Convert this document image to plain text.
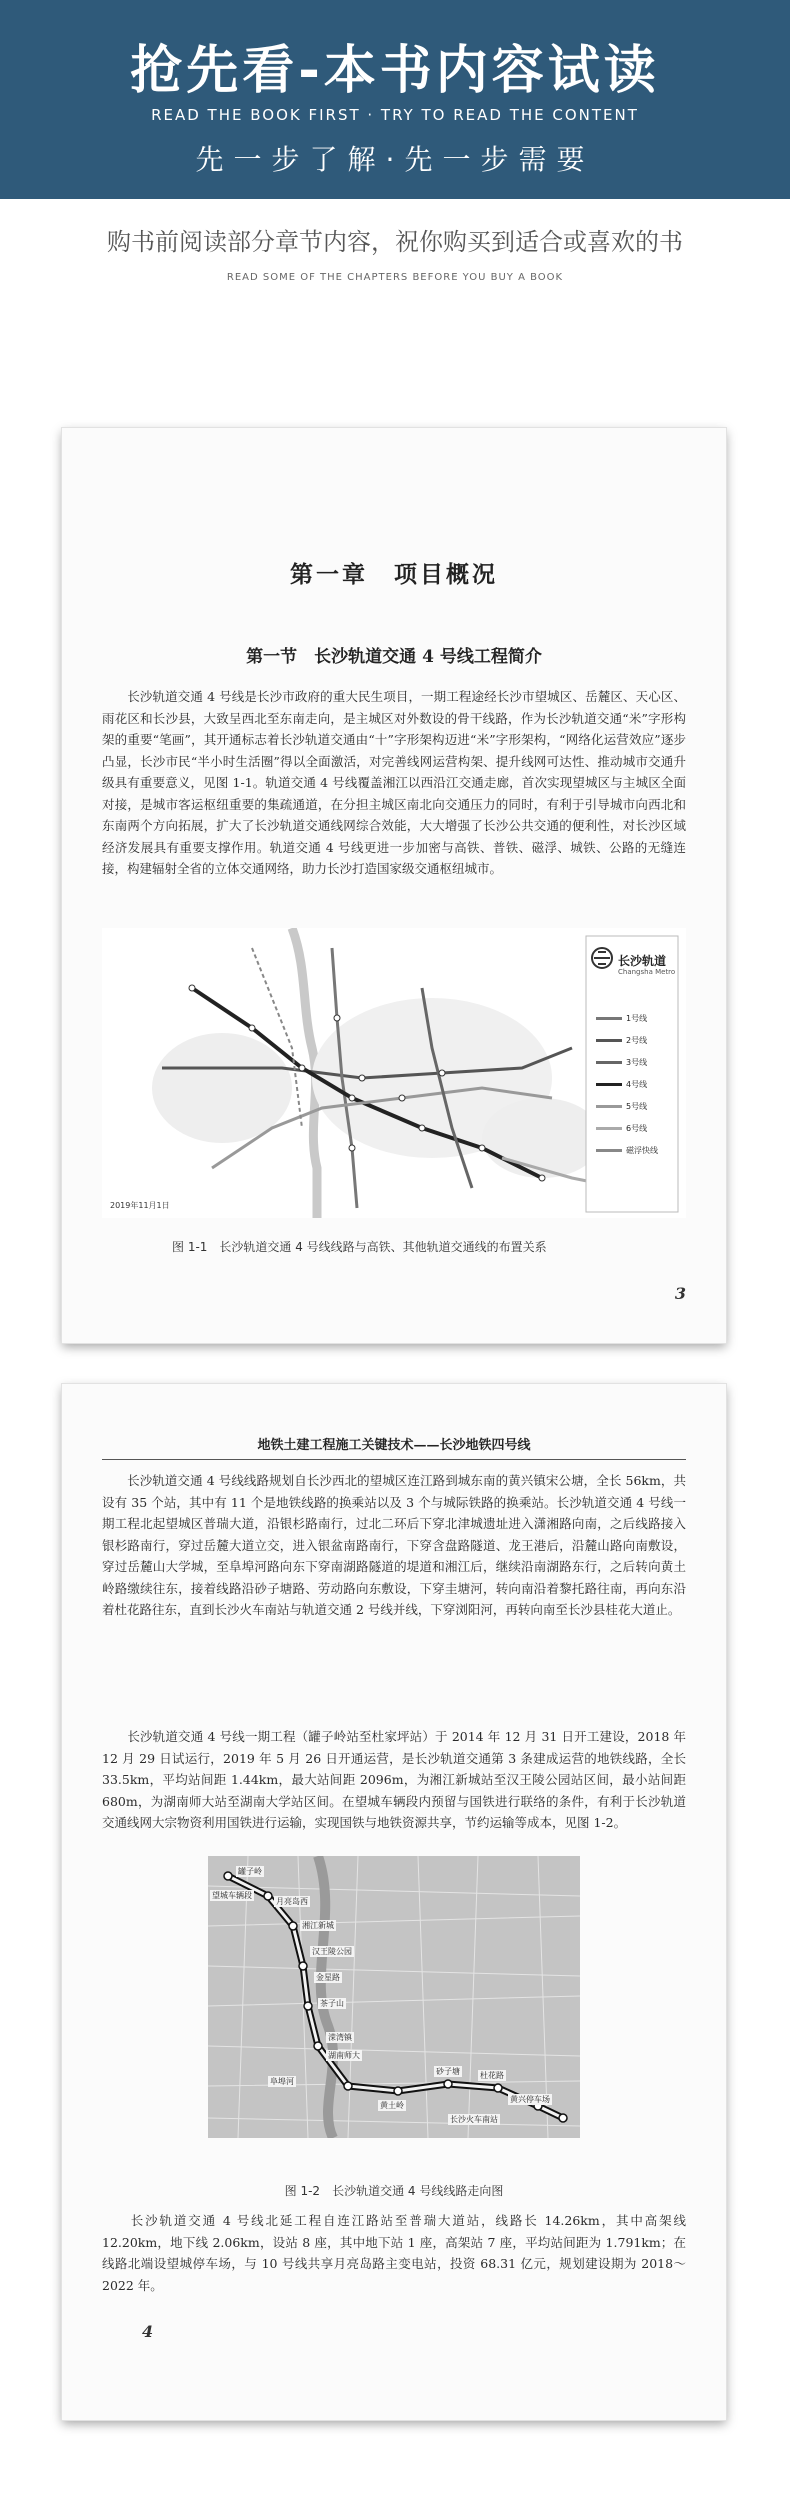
抢先看-本书内容试读
READ THE BOOK FIRST · TRY TO READ THE CONTENT
先一步了解·先一步需要
购书前阅读部分章节内容，祝你购买到适合或喜欢的书
READ SOME OF THE CHAPTERS BEFORE YOU BUY A BOOK
第一章　项目概况
第一节　长沙轨道交通 4 号线工程简介
　　长沙轨道交通 4 号线是长沙市政府的重大民生项目，一期工程途经长沙市望城区、岳麓区、天心区、雨花区和长沙县，大致呈西北至东南走向，是主城区对外数设的骨干线路，作为长沙轨道交通“米”字形构架的重要“笔画”，其开通标志着长沙轨道交通由“十”字形架构迈进“米”字形架构，“网络化运营效应”逐步凸显，长沙市民“半小时生活圈”得以全面激活，对完善线网运营构架、提升线网可达性、推动城市交通升级具有重要意义，见图 1-1。轨道交通 4 号线覆盖湘江以西沿江交通走廊，首次实现望城区与主城区全面对接，是城市客运枢纽重要的集疏通道，在分担主城区南北向交通压力的同时，有利于引导城市向西北和东南两个方向拓展，扩大了长沙轨道交通线网综合效能，大大增强了长沙公共交通的便利性，对长沙区域经济发展具有重要支撑作用。轨道交通 4 号线更进一步加密与高铁、普铁、磁浮、城铁、公路的无缝连接，构建辐射全省的立体交通网络，助力长沙打造国家级交通枢纽城市。
长沙轨道
Changsha Metro
1号线
2号线
3号线
4号线
5号线
6号线
磁浮快线
2019年11月1日
图 1-1　长沙轨道交通 4 号线线路与高铁、其他轨道交通线的布置关系
3
地铁土建工程施工关键技术——长沙地铁四号线
　　长沙轨道交通 4 号线线路规划自长沙西北的望城区连江路到城东南的黄兴镇宋公塘，全长 56km，共设有 35 个站，其中有 11 个是地铁线路的换乘站以及 3 个与城际铁路的换乘站。长沙轨道交通 4 号线一期工程北起望城区普瑞大道，沿银杉路南行，过北二环后下穿北津城遗址进入潇湘路向南，之后线路接入银杉路南行，穿过岳麓大道立交，进入银盆南路南行，下穿含盘路隧道、龙王港后，沿麓山路向南敷设，穿过岳麓山大学城，至阜埠河路向东下穿南湖路隧道的堤道和湘江后，继续沿南湖路东行，之后转向黄土岭路缴续往东，接着线路沿砂子塘路、劳动路向东敷设，下穿圭塘河，转向南沿着黎托路往南，再向东沿着杜花路往东，直到长沙火车南站与轨道交通 2 号线并线，下穿浏阳河，再转向南至长沙县桂花大道止。
　　长沙轨道交通 4 号线一期工程（罐子岭站至杜家坪站）于 2014 年 12 月 31 日开工建设，2018 年 12 月 29 日试运行，2019 年 5 月 26 日开通运营，是长沙轨道交通第 3 条建成运营的地铁线路，全长 33.5km，平均站间距 1.44km，最大站间距 2096m，为湘江新城站至汉王陵公园站区间，最小站间距 680m，为湖南师大站至湖南大学站区间。在望城车辆段内预留与国铁进行联络的条件，有利于长沙轨道交通线网大宗物资利用国铁进行运输，实现国铁与地铁资源共享，节约运输等成本，见图 1-2。
罐子岭
望城车辆段
月亮岛西
湘江新城
汉王陵公园
金星路
茶子山
溁湾镇
湖南师大
阜埠河
黄土岭
砂子塘	杜花路
长沙火车南站
黄兴停车场
图 1-2　长沙轨道交通 4 号线线路走向图
　　长沙轨道交通 4 号线北延工程自连江路站至普瑞大道站，线路长 14.26km，其中高架线 12.20km，地下线 2.06km，设站 8 座，其中地下站 1 座，高架站 7 座，平均站间距为 1.791km；在线路北端设望城停车场，与 10 号线共享月亮岛路主变电站，投资 68.31 亿元，规划建设期为 2018～2022 年。
4
